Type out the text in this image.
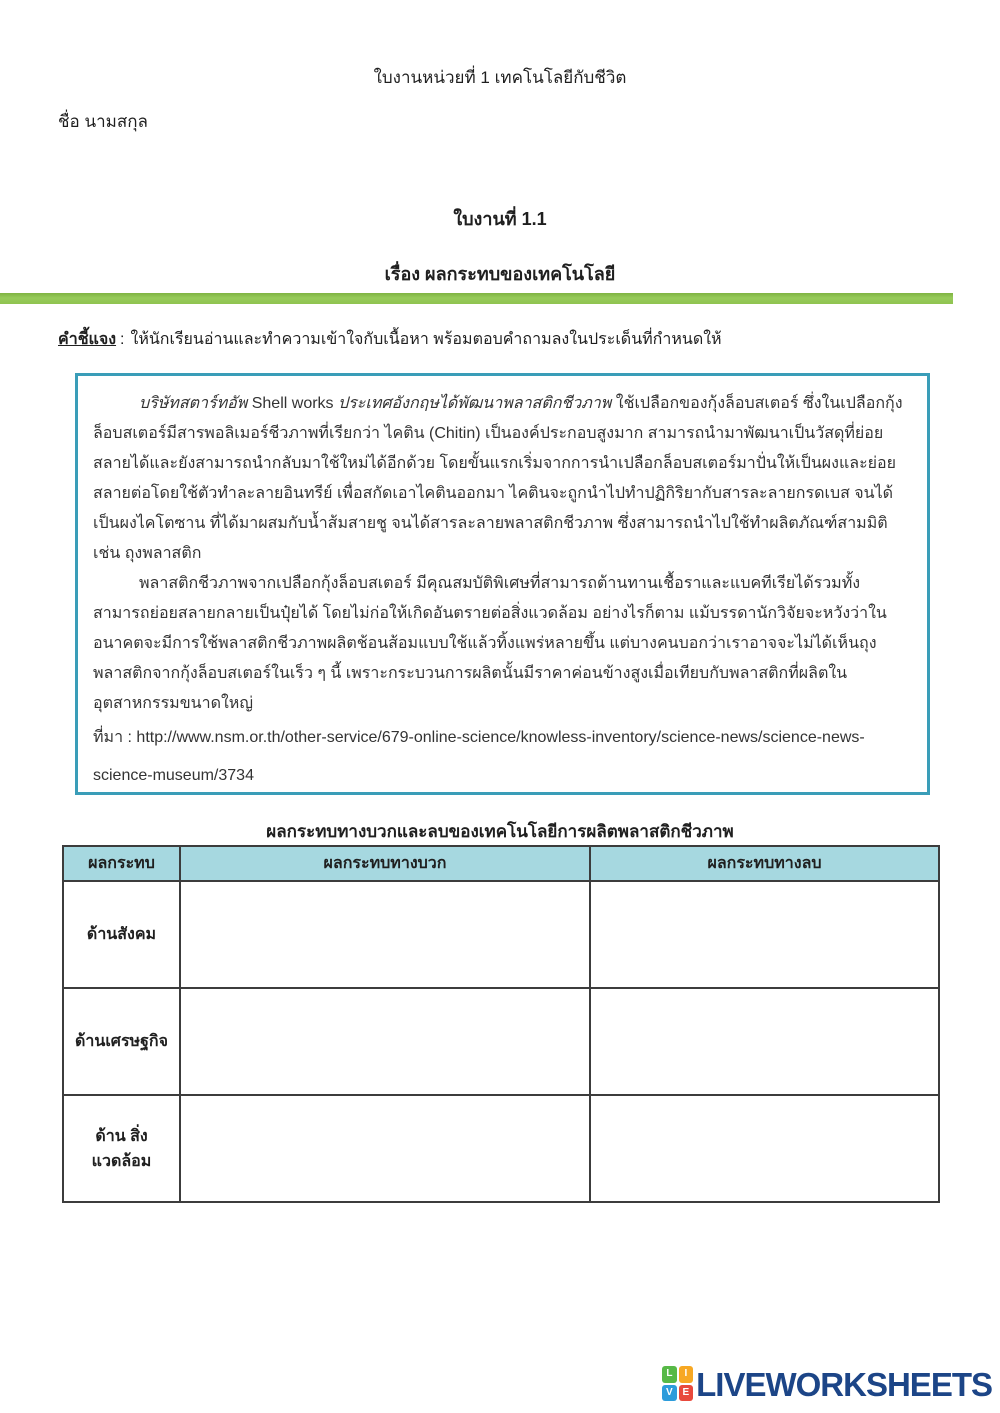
ใบงานหน่วยที่ 1 เทคโนโลยีกับชีวิต
ชื่อ นามสกุล
ใบงานที่ 1.1
เรื่อง ผลกระทบของเทคโนโลยี
คำชี้แจง : ให้นักเรียนอ่านและทำความเข้าใจกับเนื้อหา พร้อมตอบคำถามลงในประเด็นที่กำหนดให้

บริษัทสตาร์ทอัพ Shell works ประเทศอังกฤษได้พัฒนาพลาสติกชีวภาพ ใช้เปลือกของกุ้งล็อบสเตอร์ ซึ่งในเปลือกกุ้งล็อบสเตอร์มีสารพอลิเมอร์ชีวภาพที่เรียกว่า ไคติน (Chitin) เป็นองค์ประกอบสูงมาก สามารถนำมาพัฒนาเป็นวัสดุที่ย่อยสลายได้และยังสามารถนำกลับมาใช้ใหม่ได้อีกด้วย โดยขั้นแรกเริ่มจากการนำเปลือกล็อบสเตอร์มาปั่นให้เป็นผงและย่อยสลายต่อโดยใช้ตัวทำละลายอินทรีย์ เพื่อสกัดเอาไคตินออกมา ไคตินจะถูกนำไปทำปฏิกิริยากับสารละลายกรดเบส จนได้เป็นผงไคโตซาน ที่ได้มาผสมกับน้ำส้มสายชู จนได้สารละลายพลาสติกชีวภาพ ซึ่งสามารถนำไปใช้ทำผลิตภัณฑ์สามมิติ เช่น ถุงพลาสติก

พลาสติกชีวภาพจากเปลือกกุ้งล็อบสเตอร์ มีคุณสมบัติพิเศษที่สามารถต้านทานเชื้อราและแบคทีเรียได้รวมทั้งสามารถย่อยสลายกลายเป็นปุ๋ยได้ โดยไม่ก่อให้เกิดอันตรายต่อสิ่งแวดล้อม อย่างไรก็ตาม แม้บรรดานักวิจัยจะหวังว่าในอนาคตจะมีการใช้พลาสติกชีวภาพผลิตช้อนส้อมแบบใช้แล้วทิ้งแพร่หลายขึ้น แต่บางคนบอกว่าเราอาจจะไม่ได้เห็นถุงพลาสติกจากกุ้งล็อบสเตอร์ในเร็ว ๆ นี้ เพราะกระบวนการผลิตนั้นมีราคาค่อนข้างสูงเมื่อเทียบกับพลาสติกที่ผลิตในอุตสาหกรรมขนาดใหญ่

ที่มา : http://www.nsm.or.th/other-service/679-online-science/knowless-inventory/science-news/science-news-science-museum/3734

ผลกระทบทางบวกและลบของเทคโนโลยีการผลิตพลาสติกชีวภาพ
ผลกระทบ	ผลกระทบทางบวก	ผลกระทบทางลบ
ด้านสังคม		
ด้านเศรษฐกิจ		
ด้าน สิ่งแวดล้อม		
L	I
V E LIVEWORKSHEETS
